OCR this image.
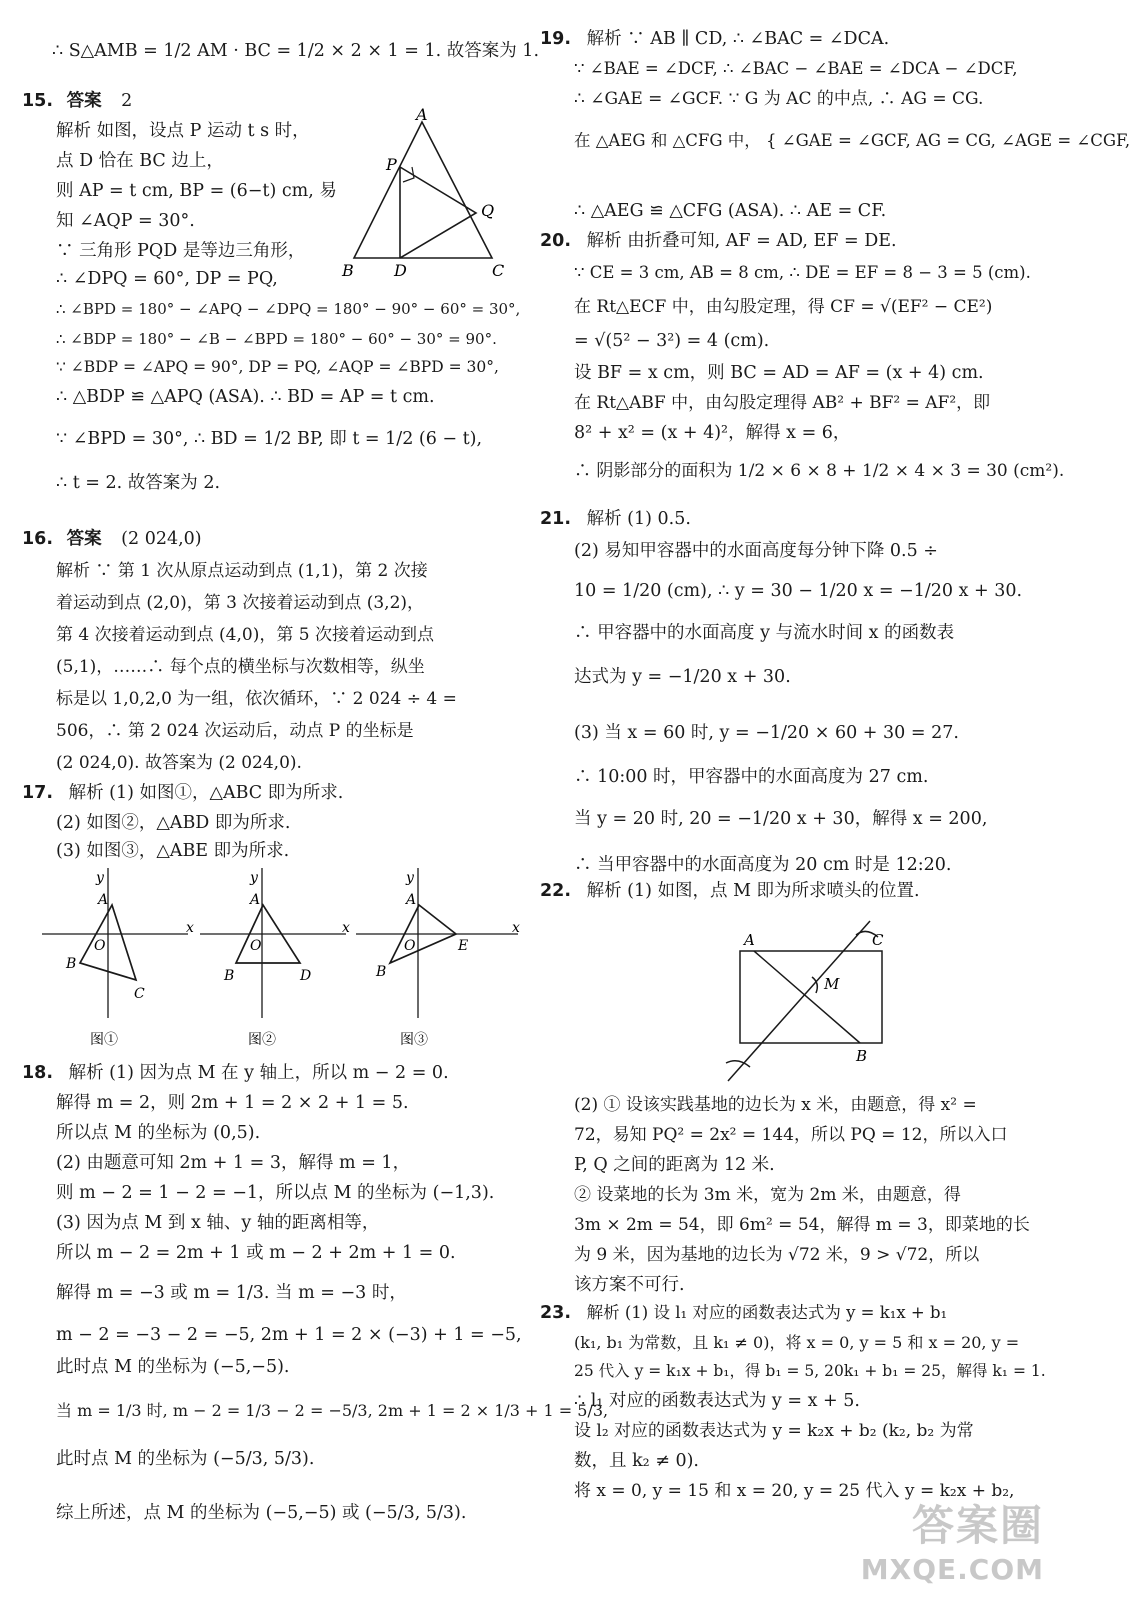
∴ S△AMB = 1/2 AM · BC = 1/2 × 2 × 1 = 1. 故答案为 1.
15. 答案 2
解析 如图，设点 P 运动 t s 时，
点 D 恰在 BC 边上，
则 AP = t cm, BP = (6−t) cm, 易
知 ∠AQP = 30°.
∵ 三角形 PQD 是等边三角形，
∴ ∠DPQ = 60°, DP = PQ,
∴ ∠BPD = 180° − ∠APQ − ∠DPQ = 180° − 90° − 60° = 30°,
∴ ∠BDP = 180° − ∠B − ∠BPD = 180° − 60° − 30° = 90°.
∵ ∠BDP = ∠APQ = 90°, DP = PQ, ∠AQP = ∠BPD = 30°,
∴ △BDP ≌ △APQ (ASA). ∴ BD = AP = t cm.
∵ ∠BPD = 30°, ∴ BD = 1/2 BP, 即 t = 1/2 (6 − t),
∴ t = 2. 故答案为 2.
A
P
Q
B	D	C
16. 答案 (2 024,0)
解析 ∵ 第 1 次从原点运动到点 (1,1)，第 2 次接
着运动到点 (2,0)，第 3 次接着运动到点 (3,2)，
第 4 次接着运动到点 (4,0)，第 5 次接着运动到点
(5,1)，……∴ 每个点的横坐标与次数相等，纵坐
标是以 1,0,2,0 为一组，依次循环，∵ 2 024 ÷ 4 =
506，∴ 第 2 024 次运动后，动点 P 的坐标是
(2 024,0). 故答案为 (2 024,0).
17. 解析 (1) 如图①，△ABC 即为所求.
(2) 如图②，△ABD 即为所求.
(3) 如图③，△ABE 即为所求.
x
y
O
A
B
C
x
y
O
A
B	D
x
y
O
A
B
E
图①	图②	图③
18. 解析 (1) 因为点 M 在 y 轴上，所以 m − 2 = 0.
解得 m = 2，则 2m + 1 = 2 × 2 + 1 = 5.
所以点 M 的坐标为 (0,5).
(2) 由题意可知 2m + 1 = 3，解得 m = 1，
则 m − 2 = 1 − 2 = −1，所以点 M 的坐标为 (−1,3).
(3) 因为点 M 到 x 轴、y 轴的距离相等，
所以 m − 2 = 2m + 1 或 m − 2 + 2m + 1 = 0.
解得 m = −3 或 m = 1/3. 当 m = −3 时，
m − 2 = −3 − 2 = −5, 2m + 1 = 2 × (−3) + 1 = −5,
此时点 M 的坐标为 (−5,−5).
当 m = 1/3 时, m − 2 = 1/3 − 2 = −5/3, 2m + 1 = 2 × 1/3 + 1 = 5/3,
此时点 M 的坐标为 (−5/3, 5/3).
综上所述，点 M 的坐标为 (−5,−5) 或 (−5/3, 5/3).
19. 解析 ∵ AB ∥ CD, ∴ ∠BAC = ∠DCA.
∵ ∠BAE = ∠DCF, ∴ ∠BAC − ∠BAE = ∠DCA − ∠DCF,
∴ ∠GAE = ∠GCF. ∵ G 为 AC 的中点, ∴ AG = CG.
在 △AEG 和 △CFG 中， { ∠GAE = ∠GCF, AG = CG, ∠AGE = ∠CGF,
∴ △AEG ≌ △CFG (ASA). ∴ AE = CF.
20. 解析 由折叠可知, AF = AD, EF = DE.
∵ CE = 3 cm, AB = 8 cm, ∴ DE = EF = 8 − 3 = 5 (cm).
在 Rt△ECF 中，由勾股定理，得 CF = √(EF² − CE²)
= √(5² − 3²) = 4 (cm).
设 BF = x cm，则 BC = AD = AF = (x + 4) cm.
在 Rt△ABF 中，由勾股定理得 AB² + BF² = AF²，即
8² + x² = (x + 4)²，解得 x = 6，
∴ 阴影部分的面积为 1/2 × 6 × 8 + 1/2 × 4 × 3 = 30 (cm²).
21. 解析 (1) 0.5.
(2) 易知甲容器中的水面高度每分钟下降 0.5 ÷
10 = 1/20 (cm), ∴ y = 30 − 1/20 x = −1/20 x + 30.
∴ 甲容器中的水面高度 y 与流水时间 x 的函数表
达式为 y = −1/20 x + 30.
(3) 当 x = 60 时, y = −1/20 × 60 + 30 = 27.
∴ 10:00 时，甲容器中的水面高度为 27 cm.
当 y = 20 时, 20 = −1/20 x + 30，解得 x = 200,
∴ 当甲容器中的水面高度为 20 cm 时是 12:20.
22. 解析 (1) 如图，点 M 即为所求喷头的位置.
A	C
M
B
(2) ① 设该实践基地的边长为 x 米，由题意，得 x² =
72，易知 PQ² = 2x² = 144，所以 PQ = 12，所以入口
P, Q 之间的距离为 12 米.
② 设菜地的长为 3m 米，宽为 2m 米，由题意，得
3m × 2m = 54，即 6m² = 54，解得 m = 3，即菜地的长
为 9 米，因为基地的边长为 √72 米，9 > √72，所以
该方案不可行.
23. 解析 (1) 设 l₁ 对应的函数表达式为 y = k₁x + b₁
(k₁, b₁ 为常数，且 k₁ ≠ 0)，将 x = 0, y = 5 和 x = 20, y =
25 代入 y = k₁x + b₁，得 b₁ = 5, 20k₁ + b₁ = 25，解得 k₁ = 1.
∴ l₁ 对应的函数表达式为 y = x + 5.
设 l₂ 对应的函数表达式为 y = k₂x + b₂ (k₂, b₂ 为常
数，且 k₂ ≠ 0).
将 x = 0, y = 15 和 x = 20, y = 25 代入 y = k₂x + b₂,
答案圈
MXQE.COM
